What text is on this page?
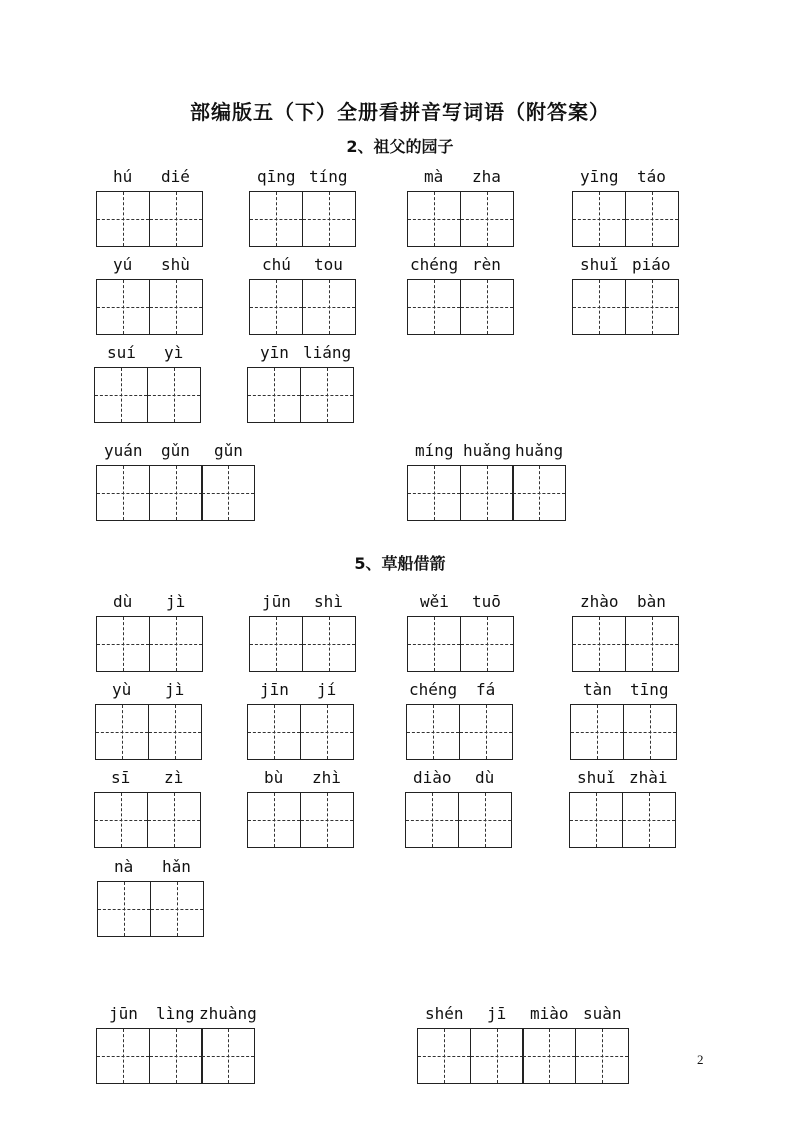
部编版五（下）全册看拼音写词语（附答案）
2、祖父的园子
5、草船借箭
hú dié	qīng tíng	mà zha	yīng táo
yú shù	chú tou	chéng rèn	shuǐ piáo
suí yì	yīn liáng
yuán gǔn gǔn	míng huǎng huǎng
dù jì	jūn shì	wěi tuō	zhào bàn
yù jì	jīn jí	chéng fá	tàn tīng
sī zì	bù zhì	diào dù	shuǐ zhài
nà hǎn
jūn lìng zhuàng	shén jī miào suàn
2
